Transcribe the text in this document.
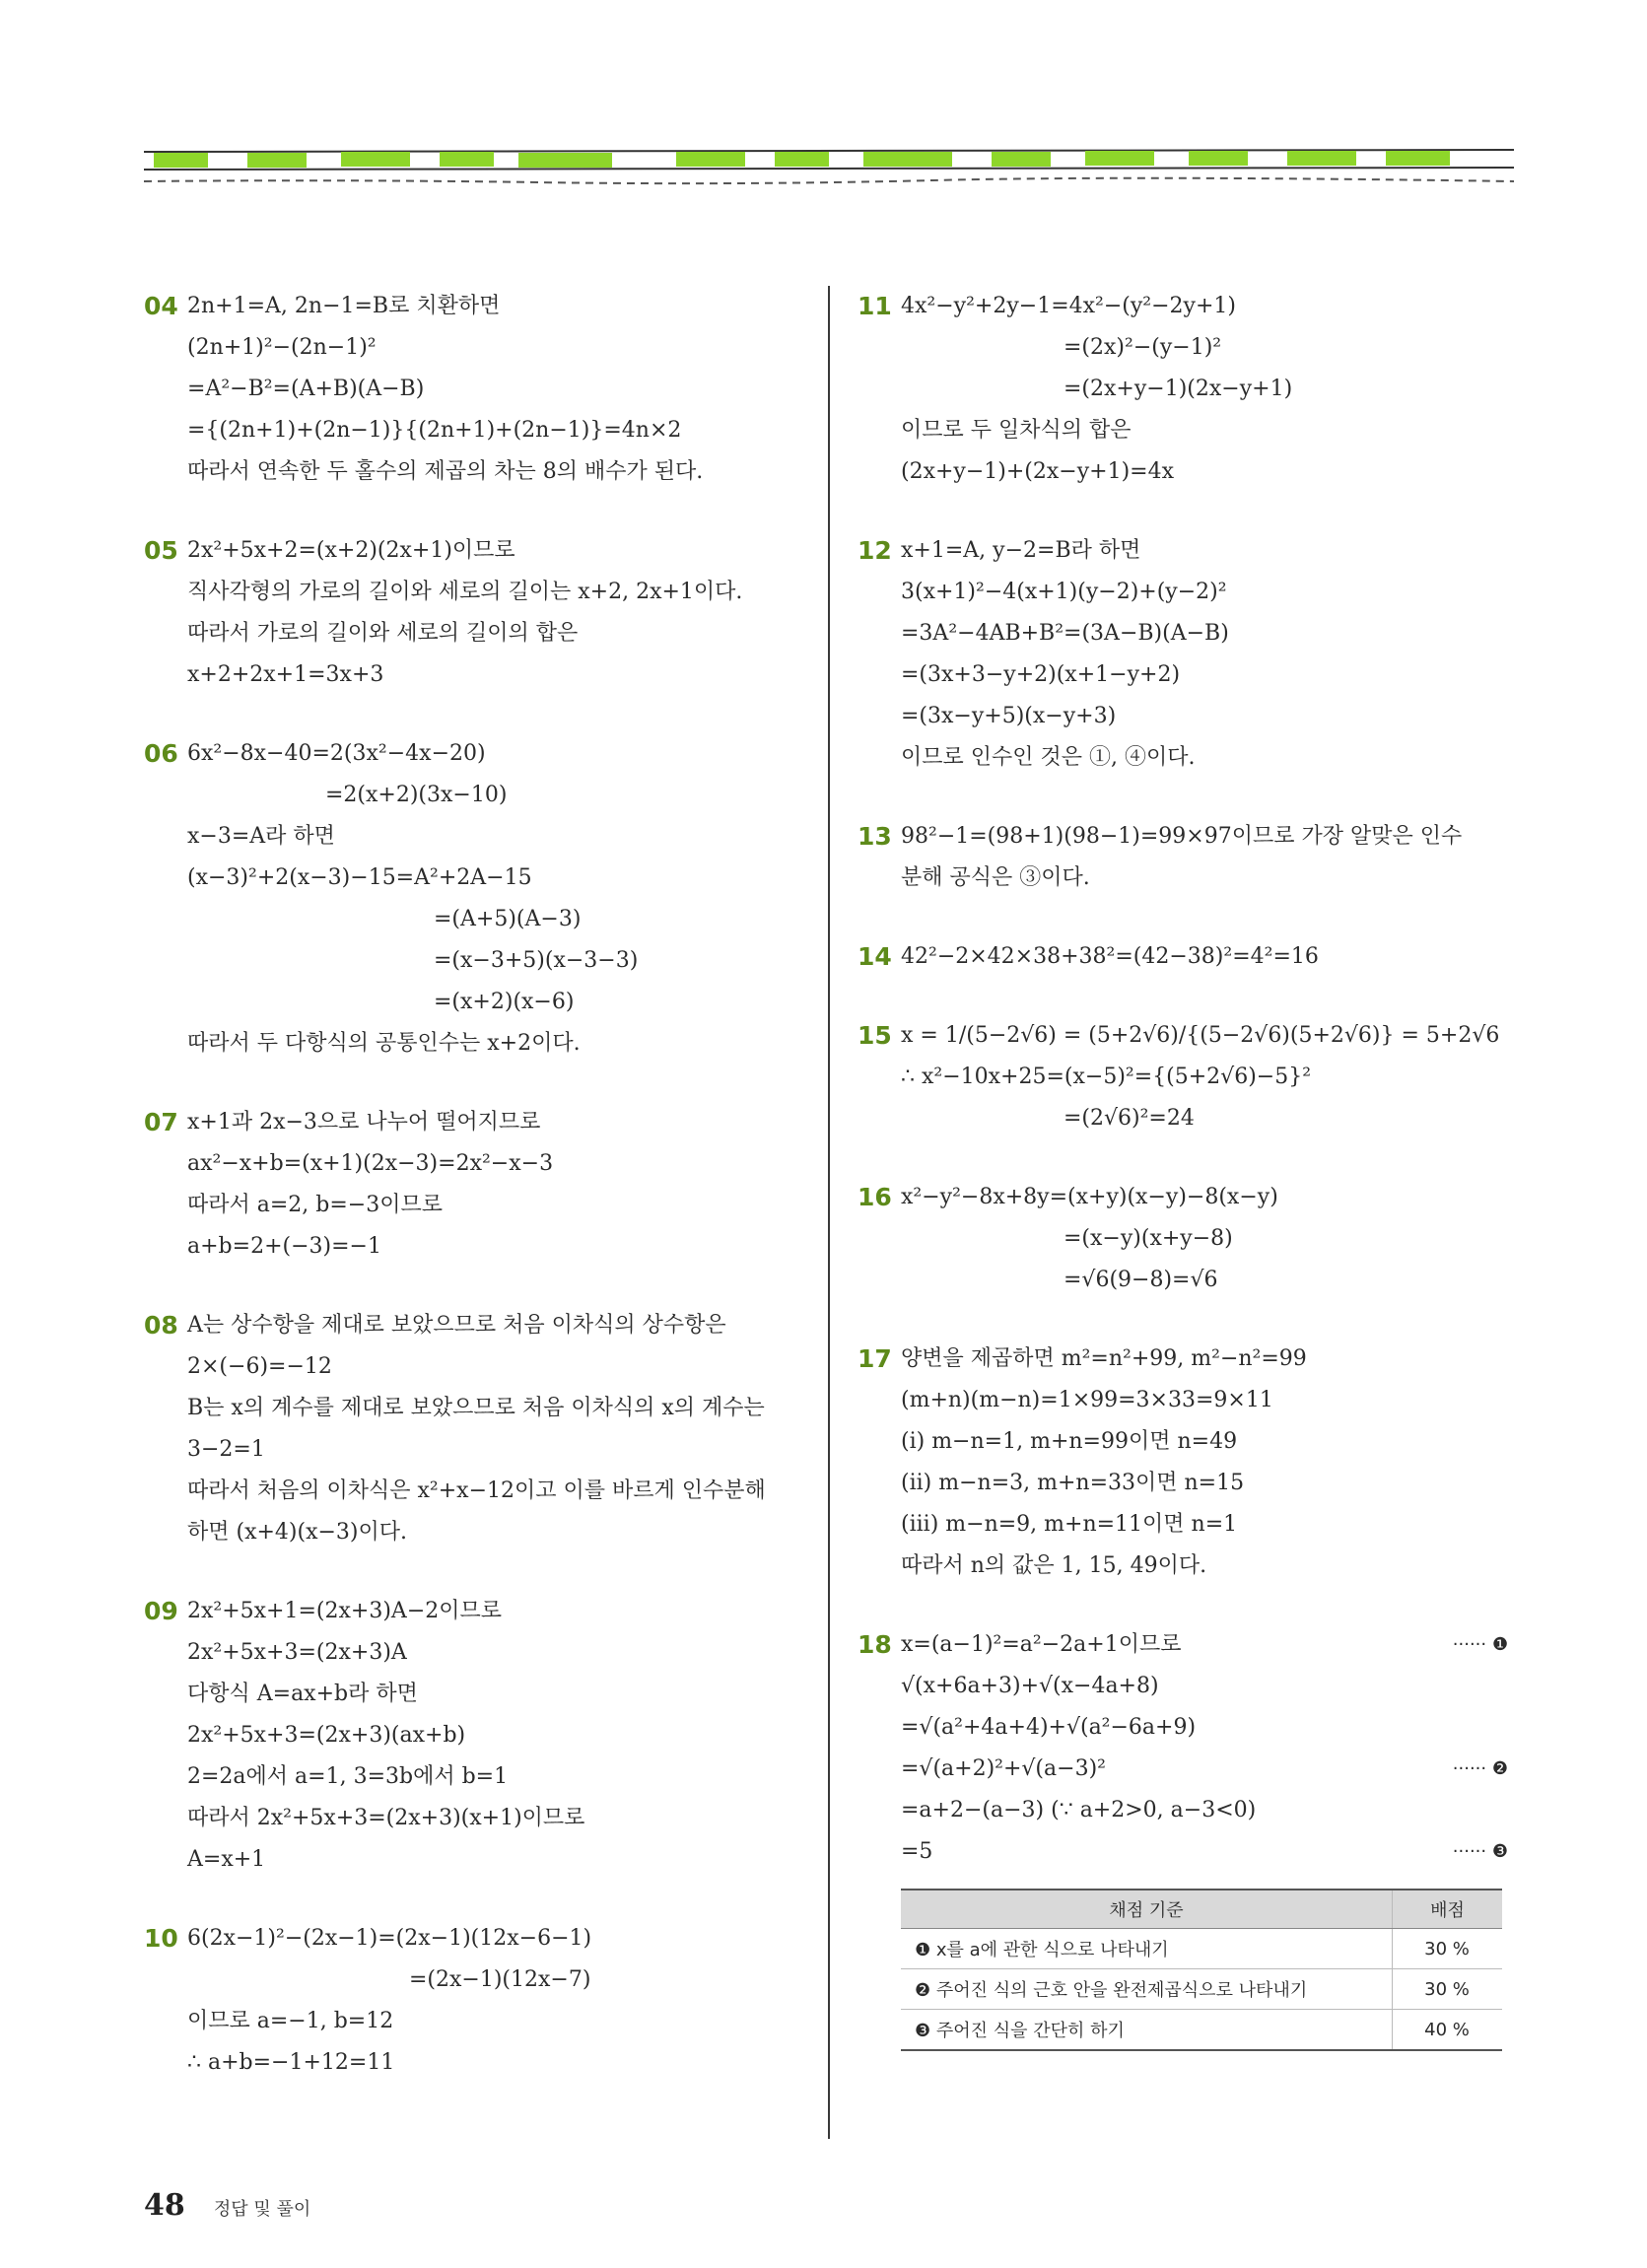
04 2n+1=A, 2n−1=B로 치환하면
(2n+1)²−(2n−1)²
=A²−B²=(A+B)(A−B)
={(2n+1)+(2n−1)}{(2n+1)+(2n−1)}=4n×2
따라서 연속한 두 홀수의 제곱의 차는 8의 배수가 된다.
05 2x²+5x+2=(x+2)(2x+1)이므로
직사각형의 가로의 길이와 세로의 길이는 x+2, 2x+1이다.
따라서 가로의 길이와 세로의 길이의 합은
x+2+2x+1=3x+3
06 6x²−8x−40=2(3x²−4x−20)
=2(x+2)(3x−10)
x−3=A라 하면
(x−3)²+2(x−3)−15=A²+2A−15
=(A+5)(A−3)
=(x−3+5)(x−3−3)
=(x+2)(x−6)
따라서 두 다항식의 공통인수는 x+2이다.
07 x+1과 2x−3으로 나누어 떨어지므로
ax²−x+b=(x+1)(2x−3)=2x²−x−3
따라서 a=2, b=−3이므로
a+b=2+(−3)=−1
08 A는 상수항을 제대로 보았으므로 처음 이차식의 상수항은
2×(−6)=−12
B는 x의 계수를 제대로 보았으므로 처음 이차식의 x의 계수는
3−2=1
따라서 처음의 이차식은 x²+x−12이고 이를 바르게 인수분해
하면 (x+4)(x−3)이다.
09 2x²+5x+1=(2x+3)A−2이므로
2x²+5x+3=(2x+3)A
다항식 A=ax+b라 하면
2x²+5x+3=(2x+3)(ax+b)
2=2a에서 a=1, 3=3b에서 b=1
따라서 2x²+5x+3=(2x+3)(x+1)이므로
A=x+1
10 6(2x−1)²−(2x−1)=(2x−1)(12x−6−1)
=(2x−1)(12x−7)
이므로 a=−1, b=12
∴ a+b=−1+12=11
11 4x²−y²+2y−1=4x²−(y²−2y+1)
=(2x)²−(y−1)²
=(2x+y−1)(2x−y+1)
이므로 두 일차식의 합은
(2x+y−1)+(2x−y+1)=4x
12 x+1=A, y−2=B라 하면
3(x+1)²−4(x+1)(y−2)+(y−2)²
=3A²−4AB+B²=(3A−B)(A−B)
=(3x+3−y+2)(x+1−y+2)
=(3x−y+5)(x−y+3)
이므로 인수인 것은 ①, ④이다.
13 98²−1=(98+1)(98−1)=99×97이므로 가장 알맞은 인수
분해 공식은 ③이다.
14 42²−2×42×38+38²=(42−38)²=4²=16
15 x = 1/(5−2√6) = (5+2√6)/{(5−2√6)(5+2√6)} = 5+2√6
∴ x²−10x+25=(x−5)²={(5+2√6)−5}²
=(2√6)²=24
16 x²−y²−8x+8y=(x+y)(x−y)−8(x−y)
=(x−y)(x+y−8)
=√6(9−8)=√6
17 양변을 제곱하면 m²=n²+99, m²−n²=99
(m+n)(m−n)=1×99=3×33=9×11
(i) m−n=1, m+n=99이면 n=49
(ii) m−n=3, m+n=33이면 n=15
(iii) m−n=9, m+n=11이면 n=1
따라서 n의 값은 1, 15, 49이다.
18 x=(a−1)²=a²−2a+1이므로	······ ❶
√(x+6a+3)+√(x−4a+8)
=√(a²+4a+4)+√(a²−6a+9)
=√(a+2)²+√(a−3)²	······ ❷
=a+2−(a−3) (∵ a+2>0, a−3<0)
=5	······ ❸
채점 기준	배점
❶ x를 a에 관한 식으로 나타내기	30 %
❷ 주어진 식의 근호 안을 완전제곱식으로 나타내기	30 %
❸ 주어진 식을 간단히 하기	40 %
48 정답 및 풀이
